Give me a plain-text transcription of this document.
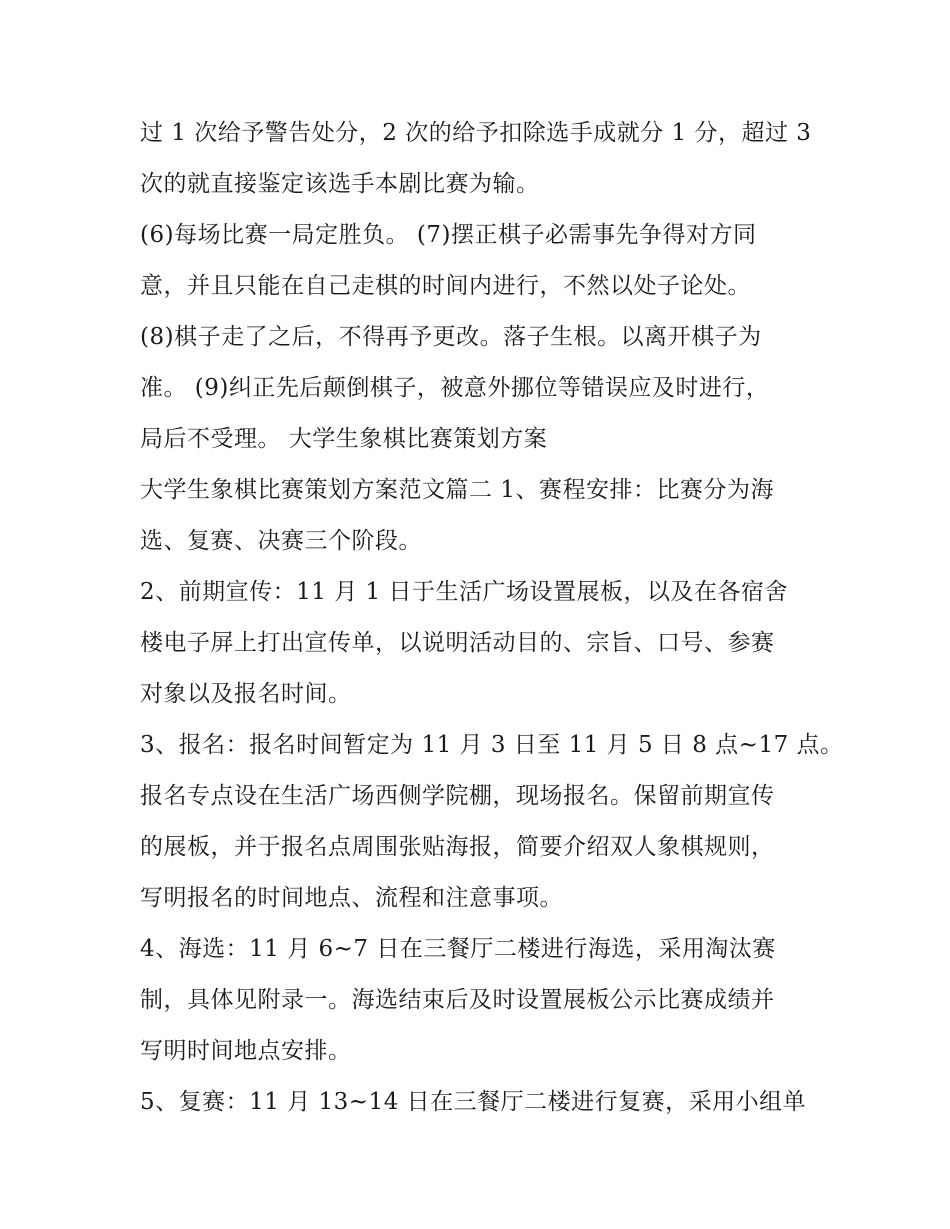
过 1 次给予警告处分，2 次的给予扣除选手成就分 1 分，超过 3
次的就直接鉴定该选手本剧比赛为输。
(6)每场比赛一局定胜负。 (7)摆正棋子必需事先争得对方同
意，并且只能在自己走棋的时间内进行，不然以处子论处。
(8)棋子走了之后，不得再予更改。落子生根。以离开棋子为
准。 (9)纠正先后颠倒棋子，被意外挪位等错误应及时进行，
局后不受理。 大学生象棋比赛策划方案
大学生象棋比赛策划方案范文篇二 1、赛程安排：比赛分为海
选、复赛、决赛三个阶段。
2、前期宣传：11 月 1 日于生活广场设置展板，以及在各宿舍
楼电子屏上打出宣传单，以说明活动目的、宗旨、口号、参赛
对象以及报名时间。
3、报名：报名时间暂定为 11 月 3 日至 11 月 5 日 8 点~17 点。
报名专点设在生活广场西侧学院棚，现场报名。保留前期宣传
的展板，并于报名点周围张贴海报，简要介绍双人象棋规则，
写明报名的时间地点、流程和注意事项。
4、海选：11 月 6~7 日在三餐厅二楼进行海选，采用淘汰赛
制，具体见附录一。海选结束后及时设置展板公示比赛成绩并
写明时间地点安排。
5、复赛：11 月 13~14 日在三餐厅二楼进行复赛，采用小组单
